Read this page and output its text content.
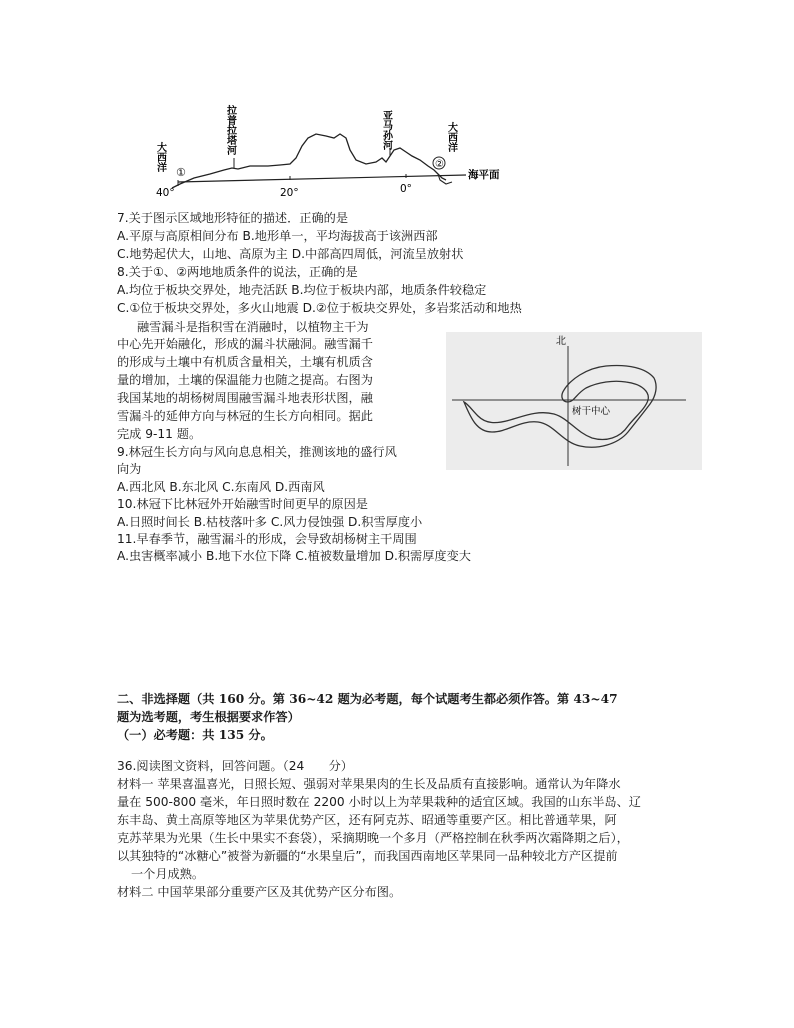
大西洋
①
拉普拉塔河	亚马孙河	大西洋
②
海平面
40°	20°	0°
7.关于图示区域地形特征的描述．正确的是
A.平原与高原相间分布 B.地形单一，平均海拔高于该洲西部
C.地势起伏大，山地、高原为主 D.中部高四周低，河流呈放射状
8.关于①、②两地地质条件的说法，正确的是
A.均位于板块交界处，地壳活跃 B.均位于板块内部，地质条件较稳定
C.①位于板块交界处，多火山地震 D.②位于板块交界处，多岩浆活动和地热
融雪漏斗是指积雪在消融时，以植物主干为
中心先开始融化，形成的漏斗状融洞。融雪漏千
的形成与土壤中有机质含量相关，土壤有机质含
量的增加，土壤的保温能力也随之提高。右图为
我国某地的胡杨树周围融雪漏斗地表形状图，融
雪漏斗的延伸方向与林冠的生长方向相同。据此
完成 9-11 题。
北
树干中心
9.林冠生长方向与风向息息相关，推测该地的盛行风
向为
A.西北风 B.东北风 C.东南风 D.西南风
10.林冠下比林冠外开始融雪时间更早的原因是
A.日照时间长 B.枯枝落叶多 C.风力侵蚀强 D.积雪厚度小
11.早春季节，融雪漏斗的形成，会导致胡杨树主干周围
A.虫害概率减小 B.地下水位下降 C.植被数量增加 D.积需厚度变大
二、非选择题（共 160 分。第 36~42 题为必考题，每个试题考生都必须作答。第 43~47
题为选考题，考生根据要求作答）
（一）必考题：共 135 分。
36.阅读图文资料，回答问题。（24　　分）
材料一 苹果喜温喜光，日照长短、强弱对苹果果肉的生长及品质有直接影响。通常认为年降水
量在 500-800 毫米，年日照时数在 2200 小时以上为苹果栽种的适宜区域。我国的山东半岛、辽
东丰岛、黄土高原等地区为苹果优势产区，还有阿克苏、昭通等重要产区。相比普通苹果，阿
克苏苹果为光果（生长中果实不套袋），采摘期晚一个多月（严格控制在秋季两次霜降期之后），
以其独特的“冰糖心”被誉为新疆的“水果皇后”，而我国西南地区苹果同一品种较北方产区提前
一个月成熟。
材料二 中国苹果部分重要产区及其优势产区分布图。
